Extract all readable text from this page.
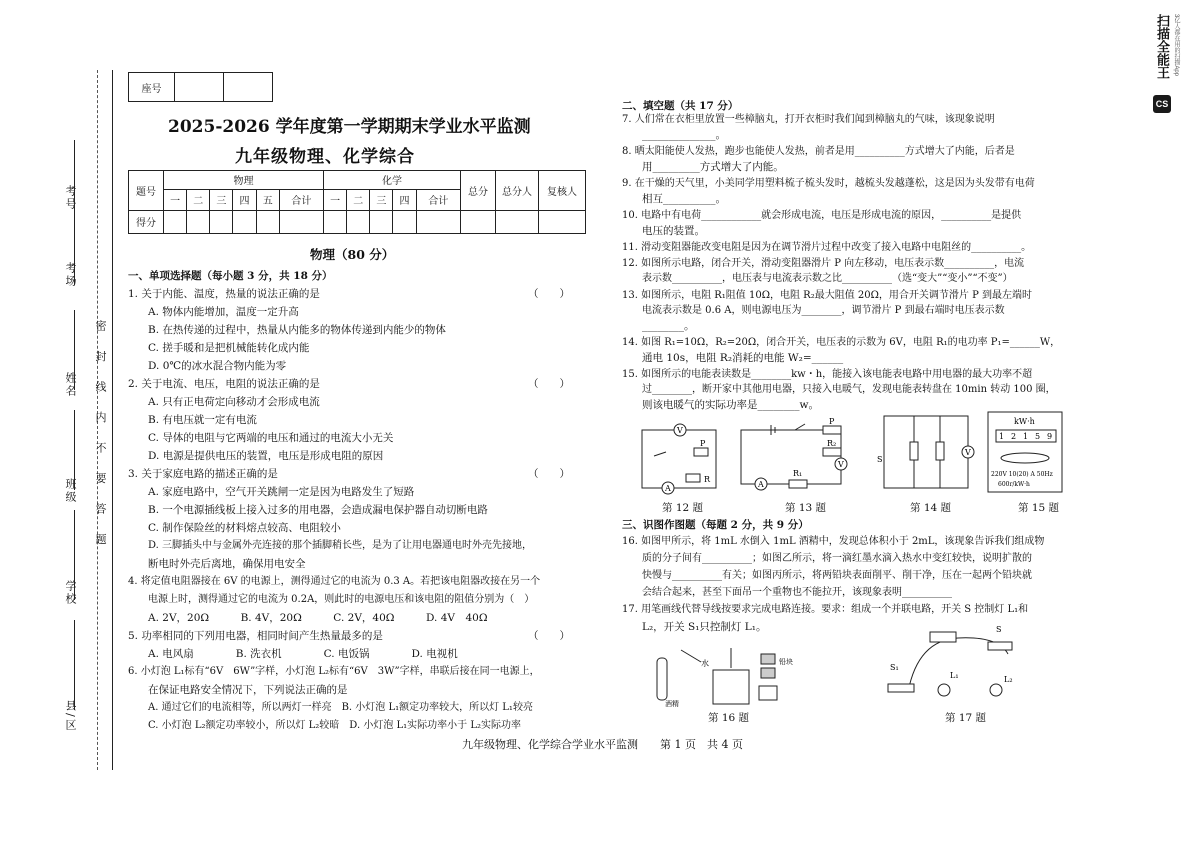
考号
考场
姓名
班级
学校
县/区
密 封 线 内 不 要 答 题
座号		
2025-2026 学年度第一学期期末学业水平监测
九年级物理、化学综合
题号	物理						化学					总分	总分人	复核人
	一	二	三	四	五	合计	一	二	三	四	合计			
得分														
物理（80 分）
一、单项选择题（每小题 3 分，共 18 分）
1. 关于内能、温度，热量的说法正确的是
A. 物体内能增加，温度一定升高
B. 在热传递的过程中，热量从内能多的物体传递到内能少的物体
C. 搓手暖和是把机械能转化成内能
D. 0℃的冰水混合物内能为零
2. 关于电流、电压，电阻的说法正确的是
A. 只有正电荷定向移动才会形成电流
B. 有电压就一定有电流
C. 导体的电阻与它两端的电压和通过的电流大小无关
D. 电源是提供电压的装置，电压是形成电阻的原因
3. 关于家庭电路的描述正确的是
A. 家庭电路中，空气开关跳闸一定是因为电路发生了短路
B. 一个电源插线板上接入过多的用电器，会造成漏电保护器自动切断电路
C. 制作保险丝的材料熔点较高、电阻较小
D. 三脚插头中与金属外壳连接的那个插脚稍长些，是为了让用电器通电时外壳先接地，
断电时外壳后离地，确保用电安全
4. 将定值电阻器接在 6V 的电源上，测得通过它的电流为 0.3 A。若把该电阻器改接在另一个
电源上时，测得通过它的电流为 0.2A，则此时的电源电压和该电阻的阻值分别为（　）
A. 2V，20Ω　　　B. 4V，20Ω　　　C. 2V，40Ω　　　D. 4V　40Ω
5. 功率相同的下列用电器，相同时间产生热量最多的是
A. 电风扇　　　　B. 洗衣机　　　　C. 电饭锅　　　　D. 电视机
6. 小灯泡 L₁标有“6V　6W”字样，小灯泡 L₂标有“6V　3W”字样，串联后接在同一电源上，
在保证电路安全情况下，下列说法正确的是
A. 通过它们的电流相等，所以两灯一样亮　B. 小灯泡 L₁额定功率较大，所以灯 L₁较亮
C. 小灯泡 L₂额定功率较小，所以灯 L₂较暗　D. 小灯泡 L₁实际功率小于 L₂实际功率
（　　）
（　　）
（　　）
（　　）
二、填空题（共 17 分）
7. 人们常在衣柜里放置一些樟脑丸，打开衣柜时我们闻到樟脑丸的气味，该现象说明
______________。
8. 晒太阳能使人发热，跑步也能使人发热，前者是用__________方式增大了内能，后者是
用_________方式增大了内能。
9. 在干燥的天气里，小美同学用塑料梳子梳头发时，越梳头发越蓬松，这是因为头发带有电荷
相互__________。
10. 电路中有电荷____________就会形成电流，电压是形成电流的原因，__________是提供
电压的装置。
11. 滑动变阻器能改变电阻是因为在调节滑片过程中改变了接入电路中电阻丝的__________。
12. 如图所示电路，闭合开关，滑动变阻器滑片 P 向左移动，电压表示数__________，电流
表示数__________，电压表与电流表示数之比__________（选“变大”“变小”“不变”）
13. 如图所示，电阻 R₁阻值 10Ω，电阻 R₂最大阻值 20Ω，用合开关调节滑片 P 到最左端时
电流表示数是 0.6 A，则电源电压为________，调节滑片 P 到最右端时电压表示数
________。
14. 如图 R₁=10Ω，R₂=20Ω，闭合开关，电压表的示数为 6V，电阻 R₁的电功率 P₁=______W，
通电 10s，电阻 R₂消耗的电能 W₂=______
15. 如图所示的电能表读数是________kw・h，能接入该电能表电路中用电器的最大功率不超
过________，断开家中其他用电器，只接入电暖气，发现电能表转盘在 10min 转动 100 圈，
则该电暖气的实际功率是________w。
V
A
P
R
V
A
R₁
R₂
P
V
S
kW·h
1 2 1 5 9
220V 10(20) A 50Hz
600r/kW·h
第 12 题	第 13 题	第 14 题	第 15 题
三、识图作图题（每题 2 分，共 9 分）
16. 如图甲所示，将 1mL 水倒入 1mL 酒精中，发现总体积小于 2mL，该现象告诉我们组成物
质的分子间有__________；如图乙所示，将一滴红墨水滴入热水中变红较快，说明扩散的
快慢与__________有关；如图丙所示，将两铅块表面削平、削干净，压在一起两个铅块就
会结合起来，甚至下面吊一个重物也不能拉开，该现象表明__________
17. 用笔画线代替导线按要求完成电路连接。要求：组成一个并联电路，开关 S 控制灯 L₁和
L₂，开关 S₁只控制灯 L₁。
水
酒精
铅块
S
S₁
L₁	L₂
第 16 题	第 17 题
九年级物理、化学综合学业水平监测　　第 1 页　共 4 页
CS
扫描全能王 3亿人都在用的扫描App
